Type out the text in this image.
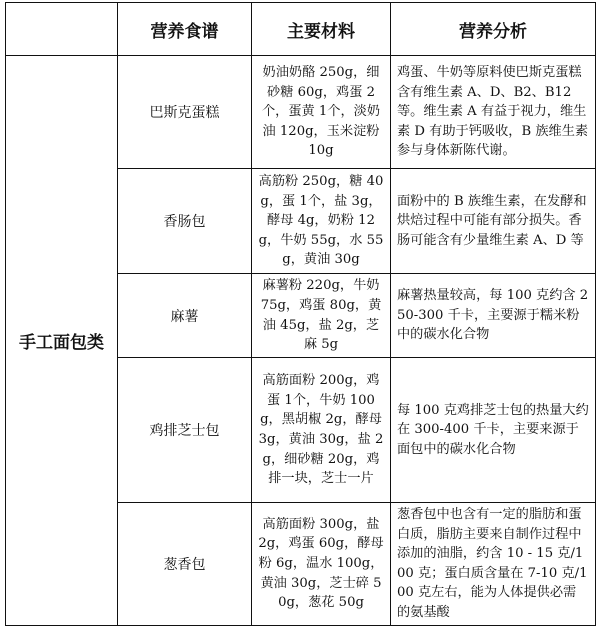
	营养食谱	主要材料	营养分析
手工面包类	巴斯克蛋糕	奶油奶酪 250g，细砂糖 60g，鸡蛋 2个，蛋黄 1个，淡奶油 120g，玉米淀粉 10g	鸡蛋、牛奶等原料使巴斯克蛋糕含有维生素 A、D、B2、B12 等。维生素 A 有益于视力，维生素 D 有助于钙吸收，B 族维生素参与身体新陈代谢。
	香肠包	高筋粉 250g，糖 40g，蛋 1个，盐 3g，酵母 4g，奶粉 12g，牛奶 55g，水 55g，黄油 30g	面粉中的 B 族维生素，在发酵和烘焙过程中可能有部分损失。香肠可能含有少量维生素 A、D 等
	麻薯	麻薯粉 220g，牛奶 75g，鸡蛋 80g，黄油 45g，盐 2g，芝麻 5g	麻薯热量较高，每 100 克约含 250-300 千卡，主要源于糯米粉中的碳水化合物
	鸡排芝士包	高筋面粉 200g，鸡蛋 1个，牛奶 100g，黑胡椒 2g，酵母 3g，黄油 30g，盐 2g，细砂糖 20g，鸡排一块，芝士一片	每 100 克鸡排芝士包的热量大约在 300-400 千卡，主要来源于面包中的碳水化合物
	葱香包	高筋面粉 300g，盐 2g，鸡蛋 60g，酵母粉 6g，温水 100g，黄油 30g，芝士碎 50g，葱花 50g	葱香包中也含有一定的脂肪和蛋白质，脂肪主要来自制作过程中添加的油脂，约含 10 - 15 克/100 克；蛋白质含量在 7-10 克/100 克左右，能为人体提供必需的氨基酸
